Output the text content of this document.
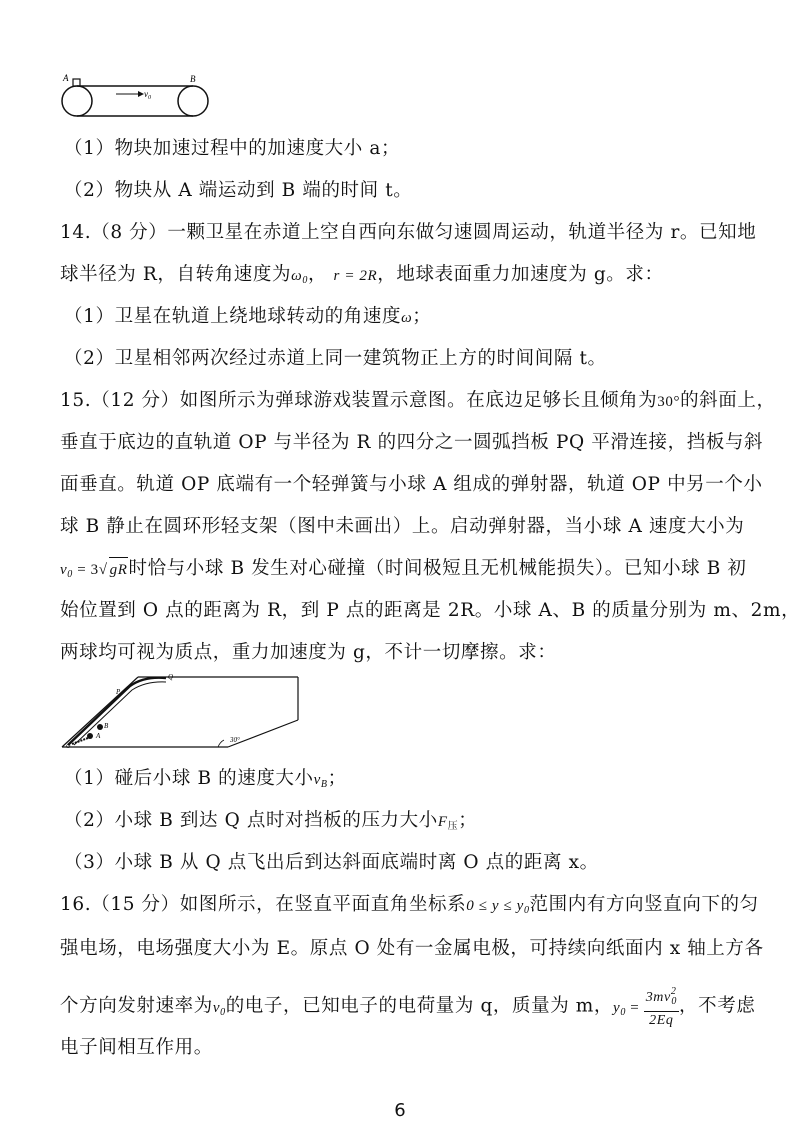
A	B
$v_0$
（1）物块加速过程中的加速度大小 a；
（2）物块从 A 端运动到 B 端的时间 t。
14.（8 分）一颗卫星在赤道上空自西向东做匀速圆周运动，轨道半径为 r。已知地
球半径为 R，自转角速度为$\omega_0$， r = 2R，地球表面重力加速度为 g。求：
（1）卫星在轨道上绕地球转动的角速度ω；
（2）卫星相邻两次经过赤道上同一建筑物正上方的时间间隔 t。
15.（12 分）如图所示为弹球游戏装置示意图。在底边足够长且倾角为30°的斜面上，
垂直于底边的直轨道 OP 与半径为 R 的四分之一圆弧挡板 PQ 平滑连接，挡板与斜
面垂直。轨道 OP 底端有一个轻弹簧与小球 A 组成的弹射器，轨道 OP 中另一个小
球 B 静止在圆环形轻支架（图中未画出）上。启动弹射器，当小球 A 速度大小为
$v_0 = 3√$ gR时恰与小球 B 发生对心碰撞（时间极短且无机械能损失）。已知小球 B 初
始位置到 O 点的距离为 R，到 P 点的距离是 2R。小球 A、B 的质量分别为 m、2m，
两球均可视为质点，重力加速度为 g，不计一切摩擦。求：
Q
P
B
A
O
30°
（1）碰后小球 B 的速度大小$v_B$；
（2）小球 B 到达 Q 点时对挡板的压力大小$F_压$；
（3）小球 B 从 Q 点飞出后到达斜面底端时离 O 点的距离 x。
16.（15 分）如图所示，在竖直平面直角坐标系$0 \le y \le y_0$范围内有方向竖直向下的匀
强电场，电场强度大小为 E。原点 O 处有一金属电极，可持续向纸面内 x 轴上方各
个方向发射速率为$v_0$的电子，已知电子的电荷量为 q，质量为 m，$y_0 = \frac{3mv^2_0}{2Eq}$ ，不考虑
电子间相互作用。
6
